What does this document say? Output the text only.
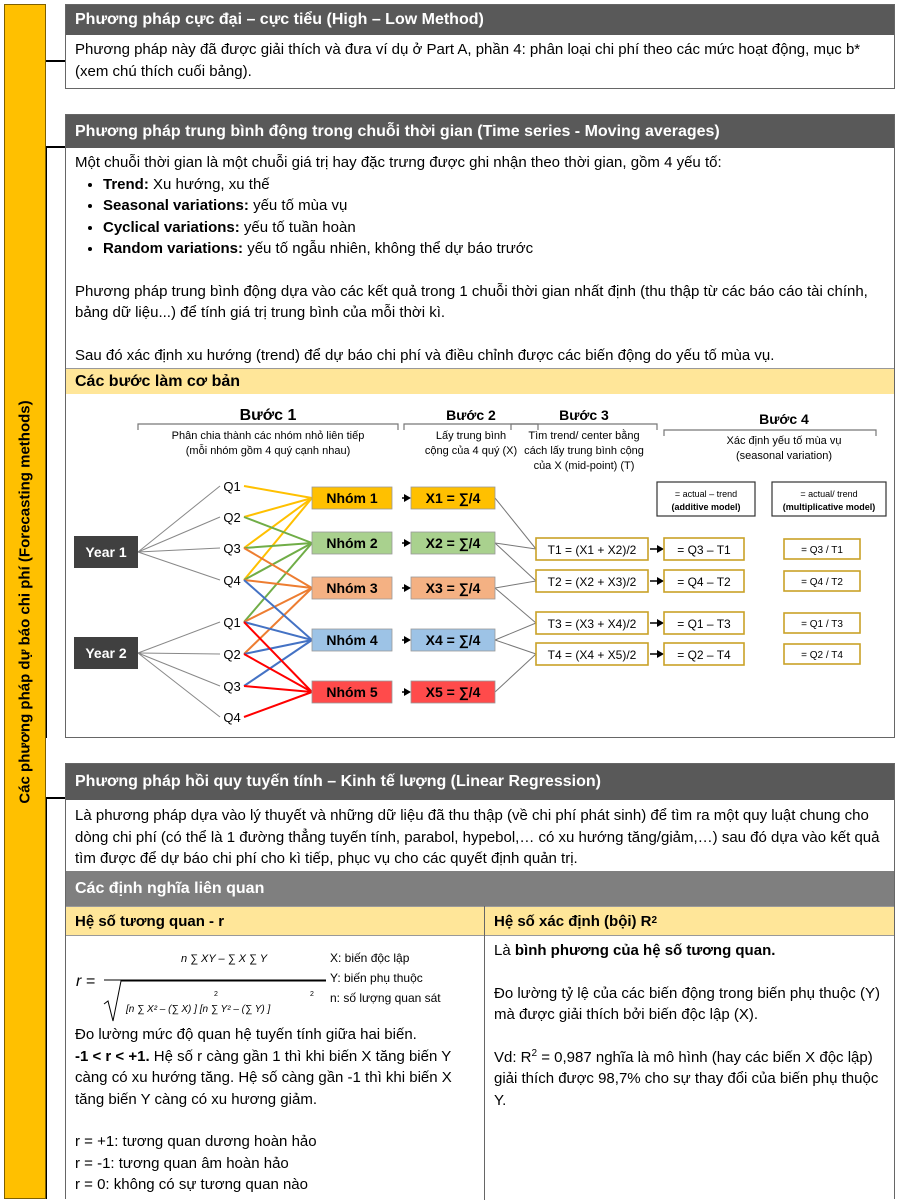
Các phương pháp dự báo chi phí (Forecasting methods)
Phương pháp cực đại – cực tiểu (High – Low Method)
Phương pháp này đã được giải thích và đưa ví dụ ở Part A, phần 4: phân loại chi phí theo các mức hoạt động, mục b* (xem chú thích cuối bảng).
Phương pháp trung bình động trong chuỗi thời gian (Time series - Moving averages)

Một chuỗi thời gian là một chuỗi giá trị hay đặc trưng được ghi nhận theo thời gian, gồm 4 yếu tố:

• Trend: Xu hướng, xu thế
• Seasonal variations: yếu tố mùa vụ
• Cyclical variations: yếu tố tuần hoàn
• Random variations: yếu tố ngẫu nhiên, không thể dự báo trước

Phương pháp trung bình động dựa vào các kết quả trong 1 chuỗi thời gian nhất định (thu thập từ các báo cáo tài chính, bảng dữ liệu...) để tính giá trị trung bình của mỗi thời kì.

Sau đó xác định xu hướng (trend) để dự báo chi phí và điều chỉnh được các biến động do yếu tố mùa vụ.

Các bước làm cơ bản
Bước 1
Phân chia thành các nhóm nhỏ liên tiếp
(mỗi nhóm gồm 4 quý cạnh nhau)
Bước 2
Lấy trung bình
cộng của 4 quý (X)
Bước 3
Tìm trend/ center bằng
cách lấy trung bình cộng
của X (mid-point) (T)
Bước 4
Xác định yếu tố mùa vụ
(seasonal variation)
= actual – trend
(additive model)
= actual/ trend
(multiplicative model)
Year 1
Year 2
Q1
Q2
Q3
Q4
Q1
Q2
Q3
Q4
Nhóm 1	X1 = ∑/4
Nhóm 2	X2 = ∑/4
Nhóm 3	X3 = ∑/4
Nhóm 4	X4 = ∑/4
Nhóm 5	X5 = ∑/4
T1 = (X1 + X2)/2	= Q3 – T1	= Q3 / T1
T2 = (X2 + X3)/2	= Q4 – T2	= Q4 / T2
T3 = (X3 + X4)/2	= Q1 – T3	= Q1 / T3
T4 = (X4 + X5)/2	= Q2 – T4	= Q2 / T4
Phương pháp hồi quy tuyến tính – Kinh tế lượng (Linear Regression)
Là phương pháp dựa vào lý thuyết và những dữ liệu đã thu thập (về chi phí phát sinh) để tìm ra một quy luật chung cho dòng chi phí (có thể là 1 đường thẳng tuyến tính, parabol, hypebol,… có xu hướng tăng/giảm,…) sau đó dựa vào kết quả tìm được để dự báo chi phí cho kì tiếp, phục vụ cho các quyết định quản trị.
Các định nghĩa liên quan
Hệ số tương quan - r
r =
n ∑ XY – ∑ X ∑ Y
[n ∑ X² – (∑ X) ] [n ∑ Y² – (∑ Y) ]
2	2
X: biến độc lập
Y: biến phụ thuộc
n: số lượng quan sát

Đo lường mức độ quan hệ tuyến tính giữa hai biến.

-1 < r < +1. Hệ số r càng gần 1 thì khi biến X tăng biến Y càng có xu hướng tăng. Hệ số càng gần -1 thì khi biến X tăng biến Y càng có xu hương giảm.

r = +1: tương quan dương hoàn hảo

r = -1: tương quan âm hoàn hảo

r = 0: không có sự tương quan nào

Hệ số xác định (bội) R 2

Là bình phương của hệ số tương quan.

Đo lường tỷ lệ của các biến động trong biến phụ thuộc (Y) mà được giải thích bởi biến độc lập (X).

Vd: $R^2 = 0,987$ nghĩa là mô hình (hay các biến X độc lập) giải thích được 98,7% cho sự thay đổi của biến phụ thuộc Y.
